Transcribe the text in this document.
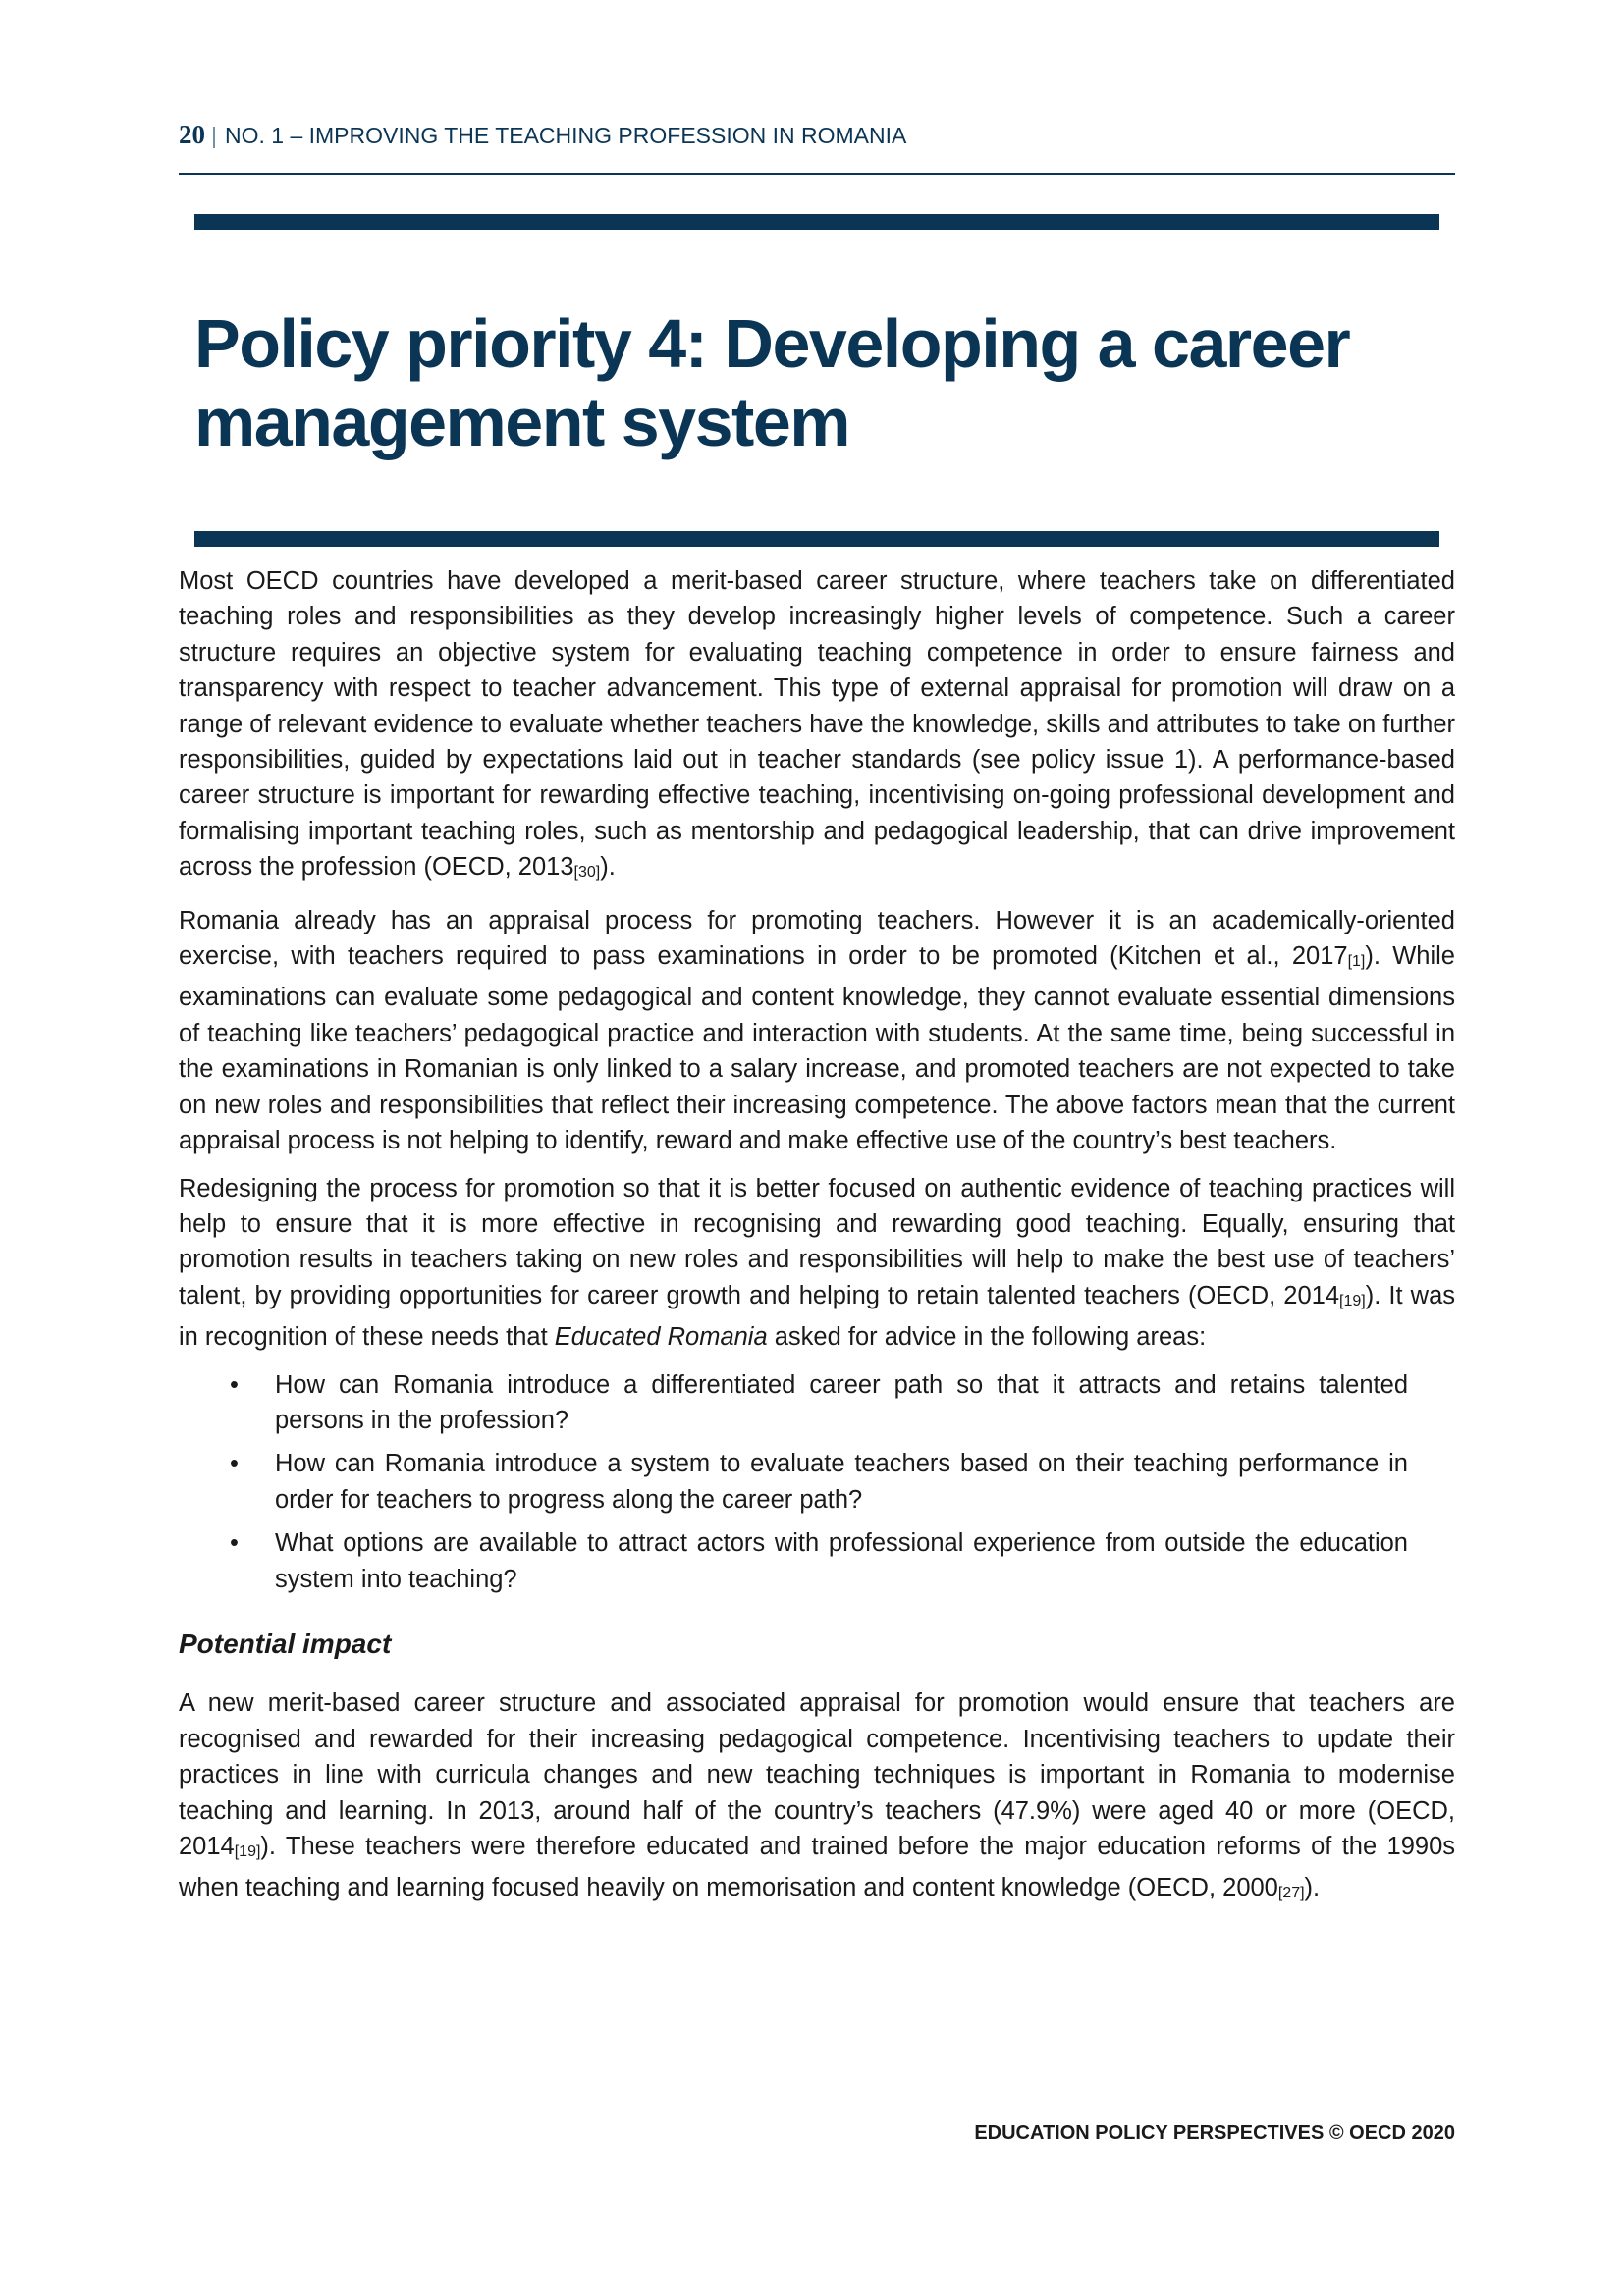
20 | NO. 1 – IMPROVING THE TEACHING PROFESSION IN ROMANIA
Policy priority 4: Developing a career
management system

Most OECD countries have developed a merit-based career structure, where teachers take on differentiated teaching roles and responsibilities as they develop increasingly higher levels of competence. Such a career structure requires an objective system for evaluating teaching competence in order to ensure fairness and transparency with respect to teacher advancement. This type of external appraisal for promotion will draw on a range of relevant evidence to evaluate whether teachers have the knowledge, skills and attributes to take on further responsibilities, guided by expectations laid out in teacher standards (see policy issue 1). A performance-based career structure is important for rewarding effective teaching, incentivising on-going professional development and formalising important teaching roles, such as mentorship and pedagogical leadership, that can drive improvement across the profession (OECD, 2013[30]).

Romania already has an appraisal process for promoting teachers. However it is an academically-oriented exercise, with teachers required to pass examinations in order to be promoted (Kitchen et al., 2017[1]). While examinations can evaluate some pedagogical and content knowledge, they cannot evaluate essential dimensions of teaching like teachers’ pedagogical practice and interaction with students. At the same time, being successful in the examinations in Romanian is only linked to a salary increase, and promoted teachers are not expected to take on new roles and responsibilities that reflect their increasing competence. The above factors mean that the current appraisal process is not helping to identify, reward and make effective use of the country’s best teachers.

Redesigning the process for promotion so that it is better focused on authentic evidence of teaching practices will help to ensure that it is more effective in recognising and rewarding good teaching. Equally, ensuring that promotion results in teachers taking on new roles and responsibilities will help to make the best use of teachers’ talent, by providing opportunities for career growth and helping to retain talented teachers (OECD, 2014[19]). It was in recognition of these needs that Educated Romania asked for advice in the following areas:

• How can Romania introduce a differentiated career path so that it attracts and retains talented persons in the profession?
• How can Romania introduce a system to evaluate teachers based on their teaching performance in order for teachers to progress along the career path?
• What options are available to attract actors with professional experience from outside the education system into teaching?
Potential impact

A new merit-based career structure and associated appraisal for promotion would ensure that teachers are recognised and rewarded for their increasing pedagogical competence. Incentivising teachers to update their practices in line with curricula changes and new teaching techniques is important in Romania to modernise teaching and learning. In 2013, around half of the country’s teachers (47.9%) were aged 40 or more (OECD, 2014[19]). These teachers were therefore educated and trained before the major education reforms of the 1990s when teaching and learning focused heavily on memorisation and content knowledge (OECD, 2000[27]).

EDUCATION POLICY PERSPECTIVES © OECD 2020
